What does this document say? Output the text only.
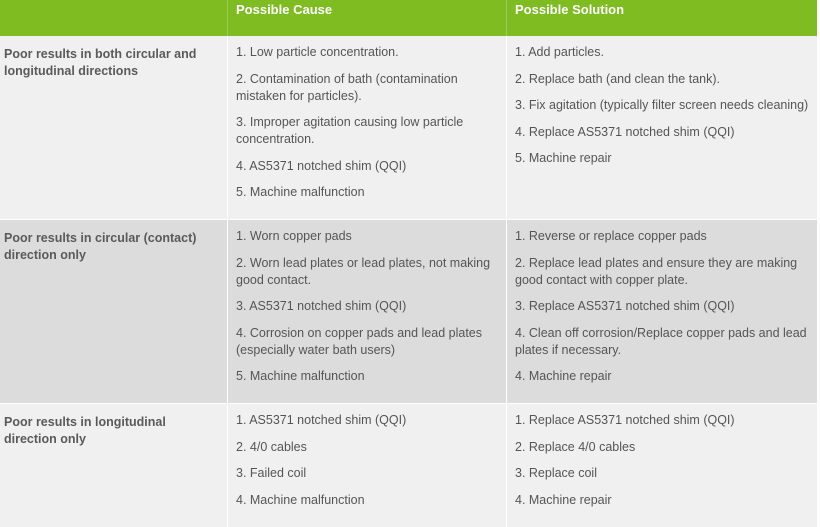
Possible Cause	Possible Solution
Poor results in both circular and longitudinal directions

1. Low particle concentration.

2. Contamination of bath (contamination mistaken for particles).

3. Improper agitation causing low particle concentration.

4. AS5371 notched shim (QQI)

5. Machine malfunction

1. Add particles.

2. Replace bath (and clean the tank).

3. Fix agitation (typically filter screen needs cleaning)

4. Replace AS5371 notched shim (QQI)

5. Machine repair

Poor results in circular (contact) direction only

1. Worn copper pads

2. Worn lead plates or lead plates, not making good contact.

3. AS5371 notched shim (QQI)

4. Corrosion on copper pads and lead plates (especially water bath users)

5. Machine malfunction

1. Reverse or replace copper pads

2. Replace lead plates and ensure they are making good contact with copper plate.

3. Replace AS5371 notched shim (QQI)

4. Clean off corrosion/Replace copper pads and lead plates if necessary.

4. Machine repair

Poor results in longitudinal direction only

1. AS5371 notched shim (QQI)

2. 4/0 cables

3. Failed coil

4. Machine malfunction

1. Replace AS5371 notched shim (QQI)

2. Replace 4/0 cables

3. Replace coil

4. Machine repair
